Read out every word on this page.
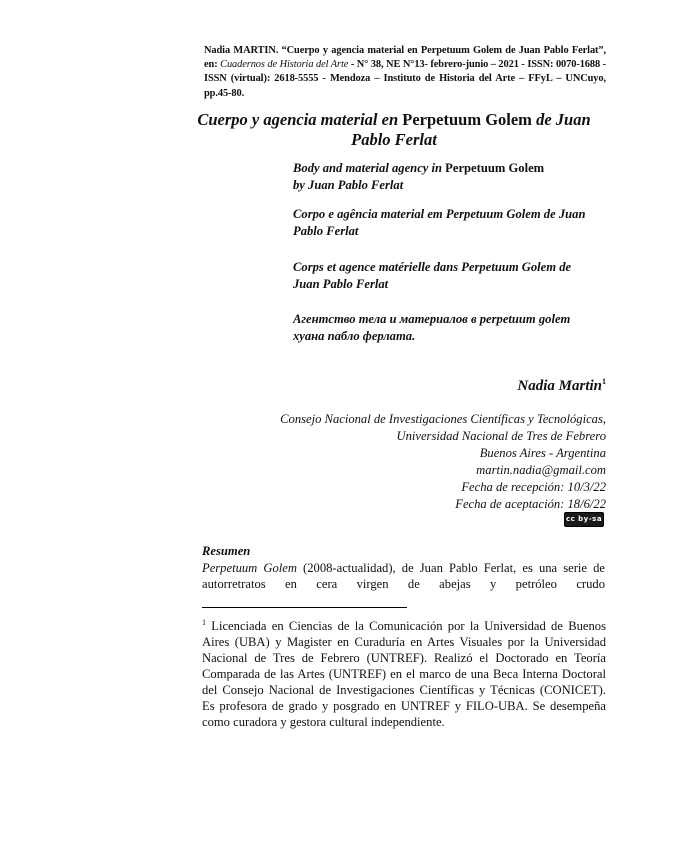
Nadia MARTIN. “Cuerpo y agencia material en Perpetuum Golem de Juan Pablo Ferlat”, en: Cuadernos de Historia del Arte - N° 38, NE N°13- febrero-junio – 2021 - ISSN: 0070-1688 - ISSN (virtual): 2618-5555 - Mendoza – Instituto de Historia del Arte – FFyL – UNCuyo, pp.45-80.
Cuerpo y agencia material en Perpetuum Golem de Juan Pablo Ferlat
Body and material agency in Perpetuum Golem
by Juan Pablo Ferlat
Corpo e agência material em Perpetuum Golem de Juan Pablo Ferlat
Corps et agence matérielle dans Perpetuum Golem de Juan Pablo Ferlat
Агентство тела и материалов в perpetuum golem хуана пабло ферлата.
Nadia Martin$^1$
Consejo Nacional de Investigaciones Científicas y Tecnológicas,
Universidad Nacional de Tres de Febrero
Buenos Aires - Argentina
martin.nadia@gmail.com
Fecha de recepción: 10/3/22
Fecha de aceptación: 18/6/22
cc by-sa
Resumen
Perpetuum Golem (2008-actualidad), de Juan Pablo Ferlat, es una serie de autorretratos en cera virgen de abejas y petróleo crudo
$^1$ Licenciada en Ciencias de la Comunicación por la Universidad de Buenos Aires (UBA) y Magister en Curaduría en Artes Visuales por la Universidad Nacional de Tres de Febrero (UNTREF). Realizó el Doctorado en Teoría Comparada de las Artes (UNTREF) en el marco de una Beca Interna Doctoral del Consejo Nacional de Investigaciones Científicas y Técnicas (CONICET). Es profesora de grado y posgrado en UNTREF y FILO-UBA. Se desempeña como curadora y gestora cultural independiente.
